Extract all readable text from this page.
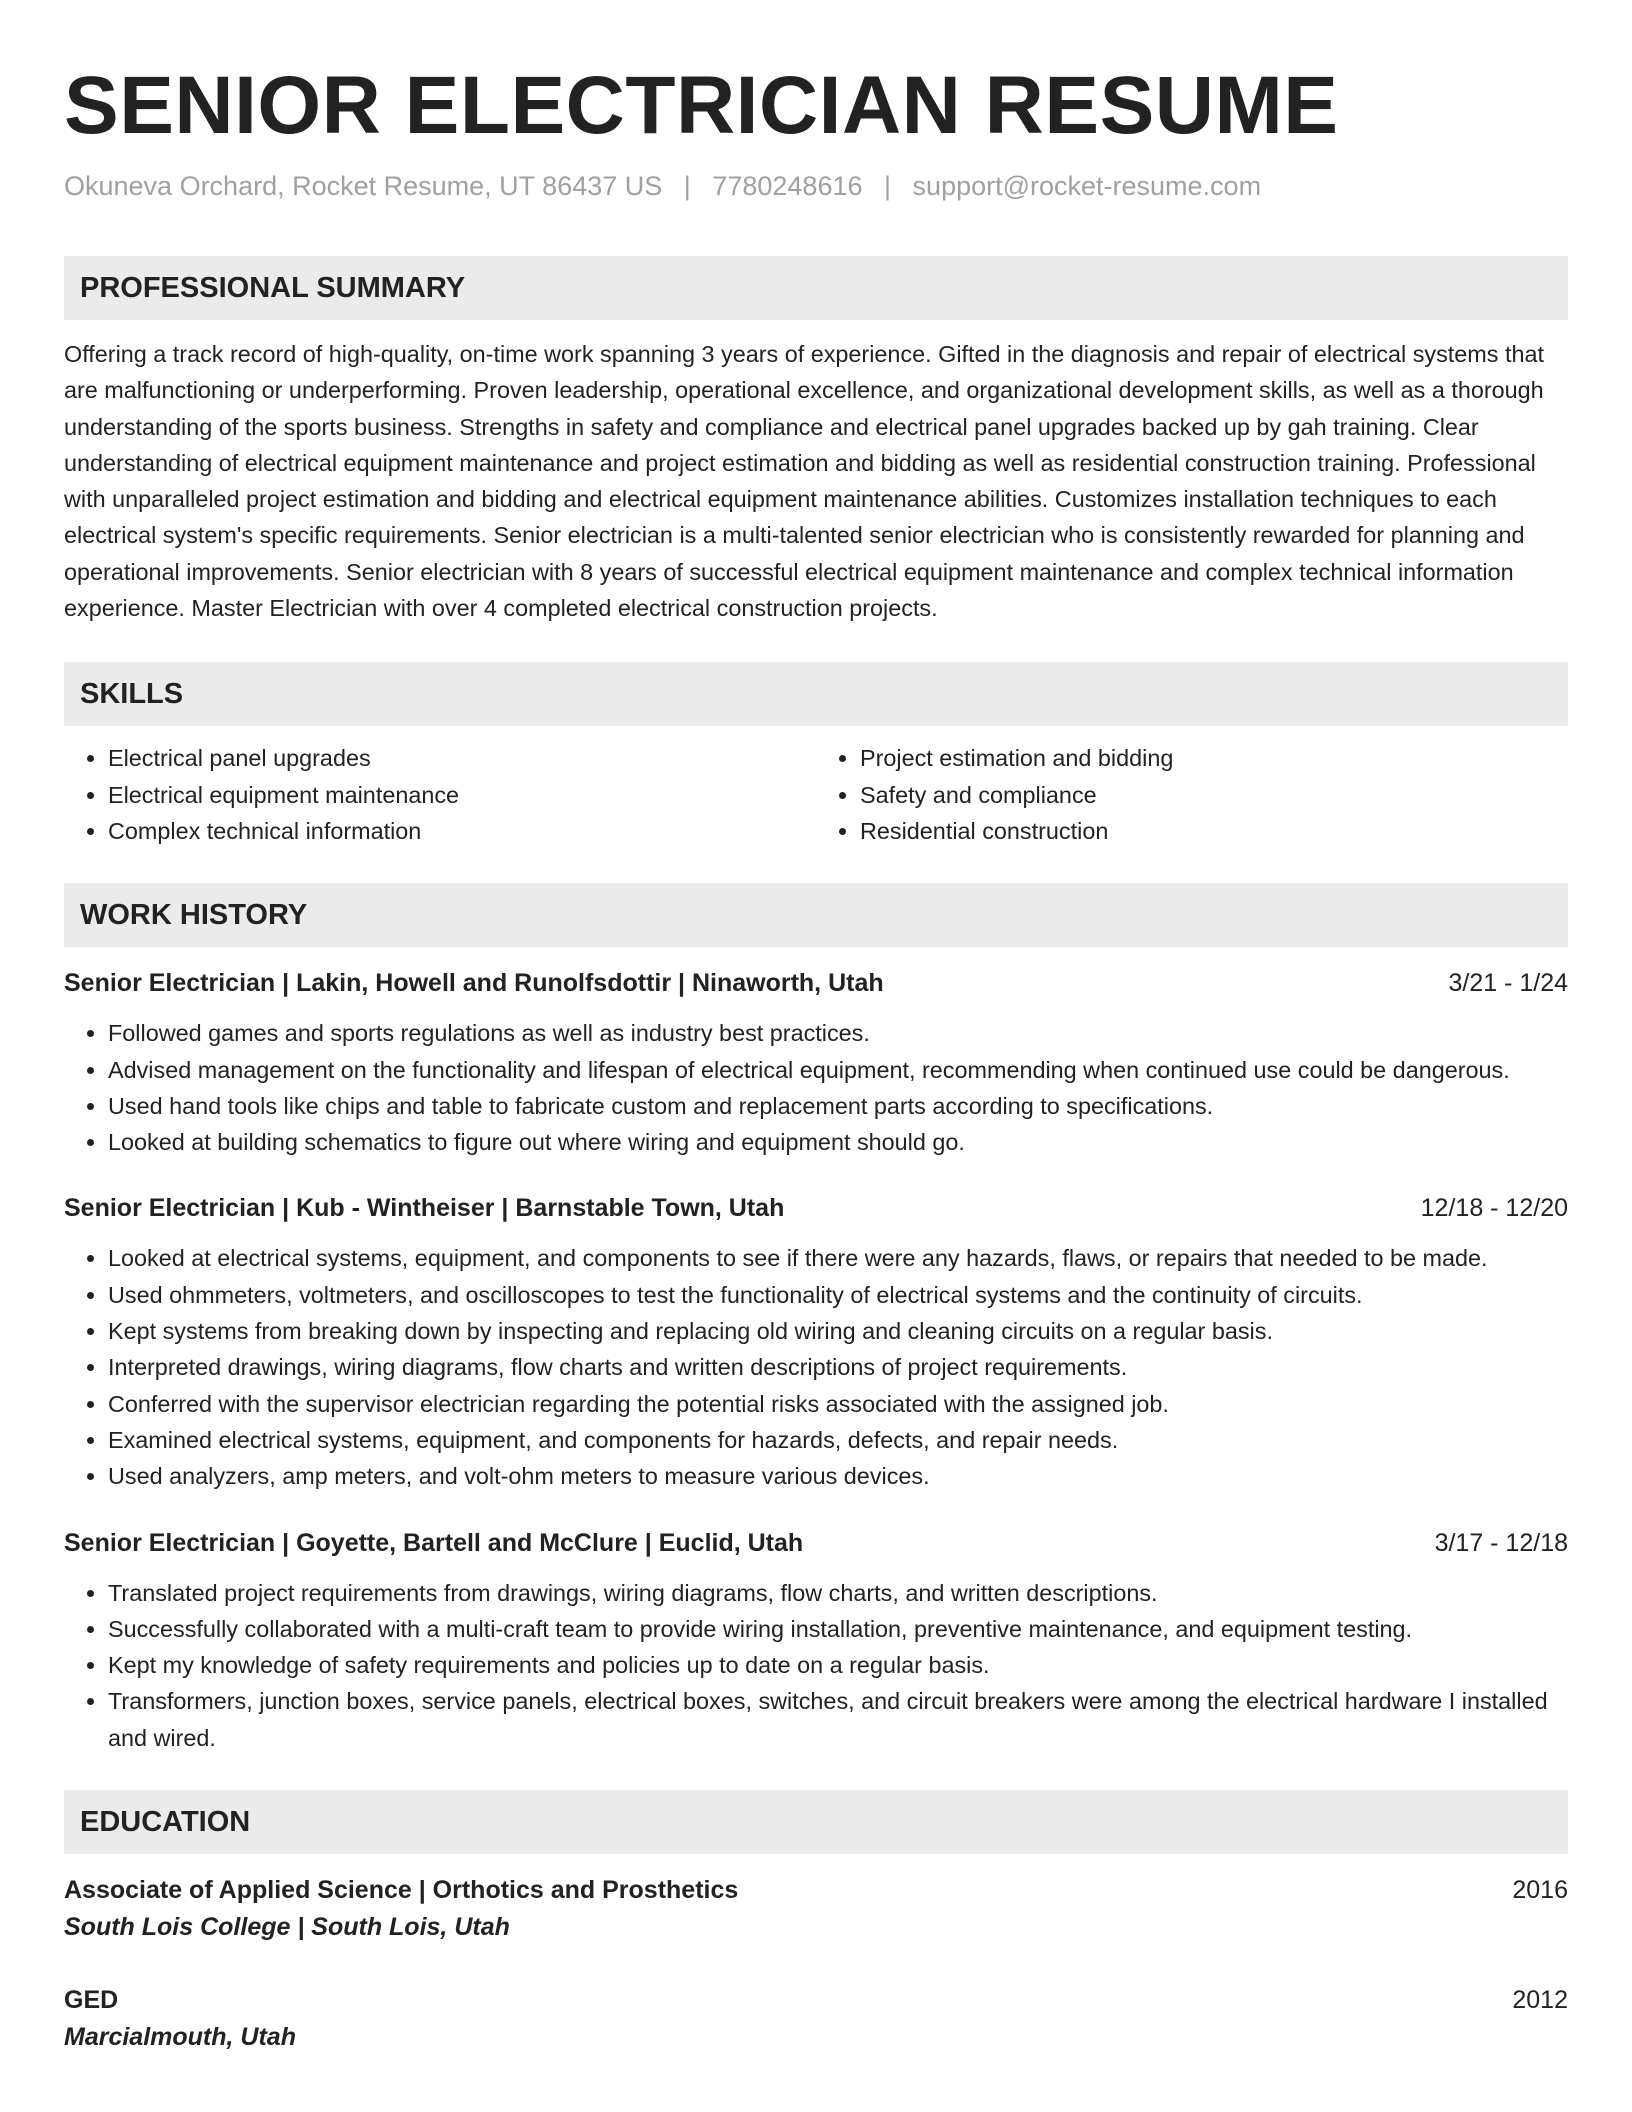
SENIOR ELECTRICIAN RESUME
Okuneva Orchard, Rocket Resume, UT 86437 US | 7780248616 | support@rocket-resume.com
PROFESSIONAL SUMMARY
Offering a track record of high-quality, on-time work spanning 3 years of experience. Gifted in the diagnosis and repair of electrical systems that are malfunctioning or underperforming. Proven leadership, operational excellence, and organizational development skills, as well as a thorough understanding of the sports business. Strengths in safety and compliance and electrical panel upgrades backed up by gah training. Clear understanding of electrical equipment maintenance and project estimation and bidding as well as residential construction training. Professional with unparalleled project estimation and bidding and electrical equipment maintenance abilities. Customizes installation techniques to each electrical system's specific requirements. Senior electrician is a multi-talented senior electrician who is consistently rewarded for planning and operational improvements. Senior electrician with 8 years of successful electrical equipment maintenance and complex technical information experience. Master Electrician with over 4 completed electrical construction projects.
SKILLS
• Electrical panel upgrades
• Electrical equipment maintenance
• Complex technical information
• Project estimation and bidding
• Safety and compliance
• Residential construction
WORK HISTORY
Senior Electrician | Lakin, Howell and Runolfsdottir | Ninaworth, Utah	3/21 - 1/24
• Followed games and sports regulations as well as industry best practices.
• Advised management on the functionality and lifespan of electrical equipment, recommending when continued use could be dangerous.
• Used hand tools like chips and table to fabricate custom and replacement parts according to specifications.
• Looked at building schematics to figure out where wiring and equipment should go.
Senior Electrician | Kub - Wintheiser | Barnstable Town, Utah	12/18 - 12/20
• Looked at electrical systems, equipment, and components to see if there were any hazards, flaws, or repairs that needed to be made.
• Used ohmmeters, voltmeters, and oscilloscopes to test the functionality of electrical systems and the continuity of circuits.
• Kept systems from breaking down by inspecting and replacing old wiring and cleaning circuits on a regular basis.
• Interpreted drawings, wiring diagrams, flow charts and written descriptions of project requirements.
• Conferred with the supervisor electrician regarding the potential risks associated with the assigned job.
• Examined electrical systems, equipment, and components for hazards, defects, and repair needs.
• Used analyzers, amp meters, and volt-ohm meters to measure various devices.
Senior Electrician | Goyette, Bartell and McClure | Euclid, Utah	3/17 - 12/18
• Translated project requirements from drawings, wiring diagrams, flow charts, and written descriptions.
• Successfully collaborated with a multi-craft team to provide wiring installation, preventive maintenance, and equipment testing.
• Kept my knowledge of safety requirements and policies up to date on a regular basis.
• Transformers, junction boxes, service panels, electrical boxes, switches, and circuit breakers were among the electrical hardware I installed and wired.
EDUCATION
Associate of Applied Science | Orthotics and Prosthetics	2016
South Lois College | South Lois, Utah
GED	2012
Marcialmouth, Utah
